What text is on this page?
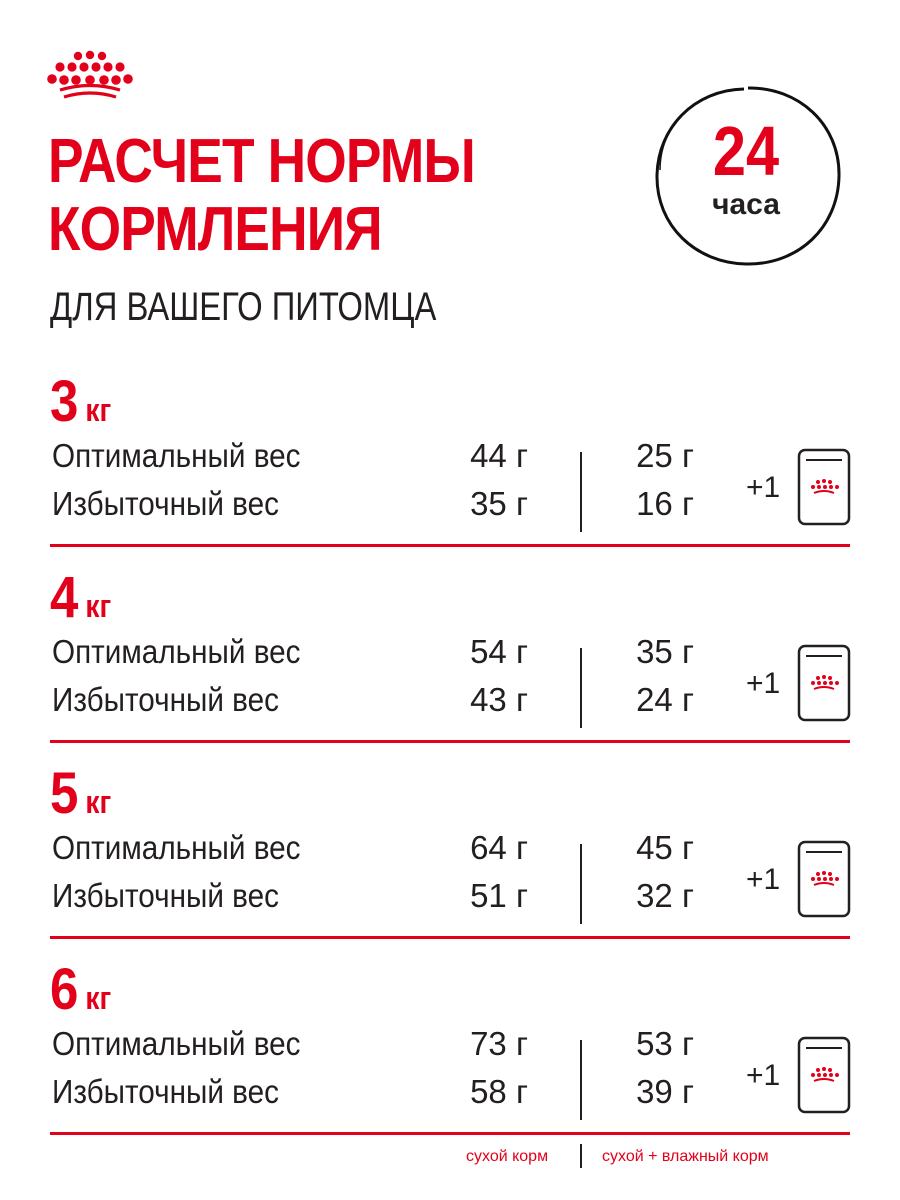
РАСЧЕТ НОРМЫ
КОРМЛЕНИЯ

ДЛЯ ВАШЕГО ПИТОМЦА

24
часа
3 кг
Оптимальный вес	44 г	25 г
Избыточный вес	35 г	16 г +1
4 кг
Оптимальный вес	54 г	35 г
Избыточный вес	43 г	24 г +1
5 кг
Оптимальный вес	64 г	45 г
Избыточный вес	51 г	32 г +1
6 кг
Оптимальный вес	73 г	53 г
Избыточный вес	58 г	39 г +1
сухой корм	сухой + влажный корм
